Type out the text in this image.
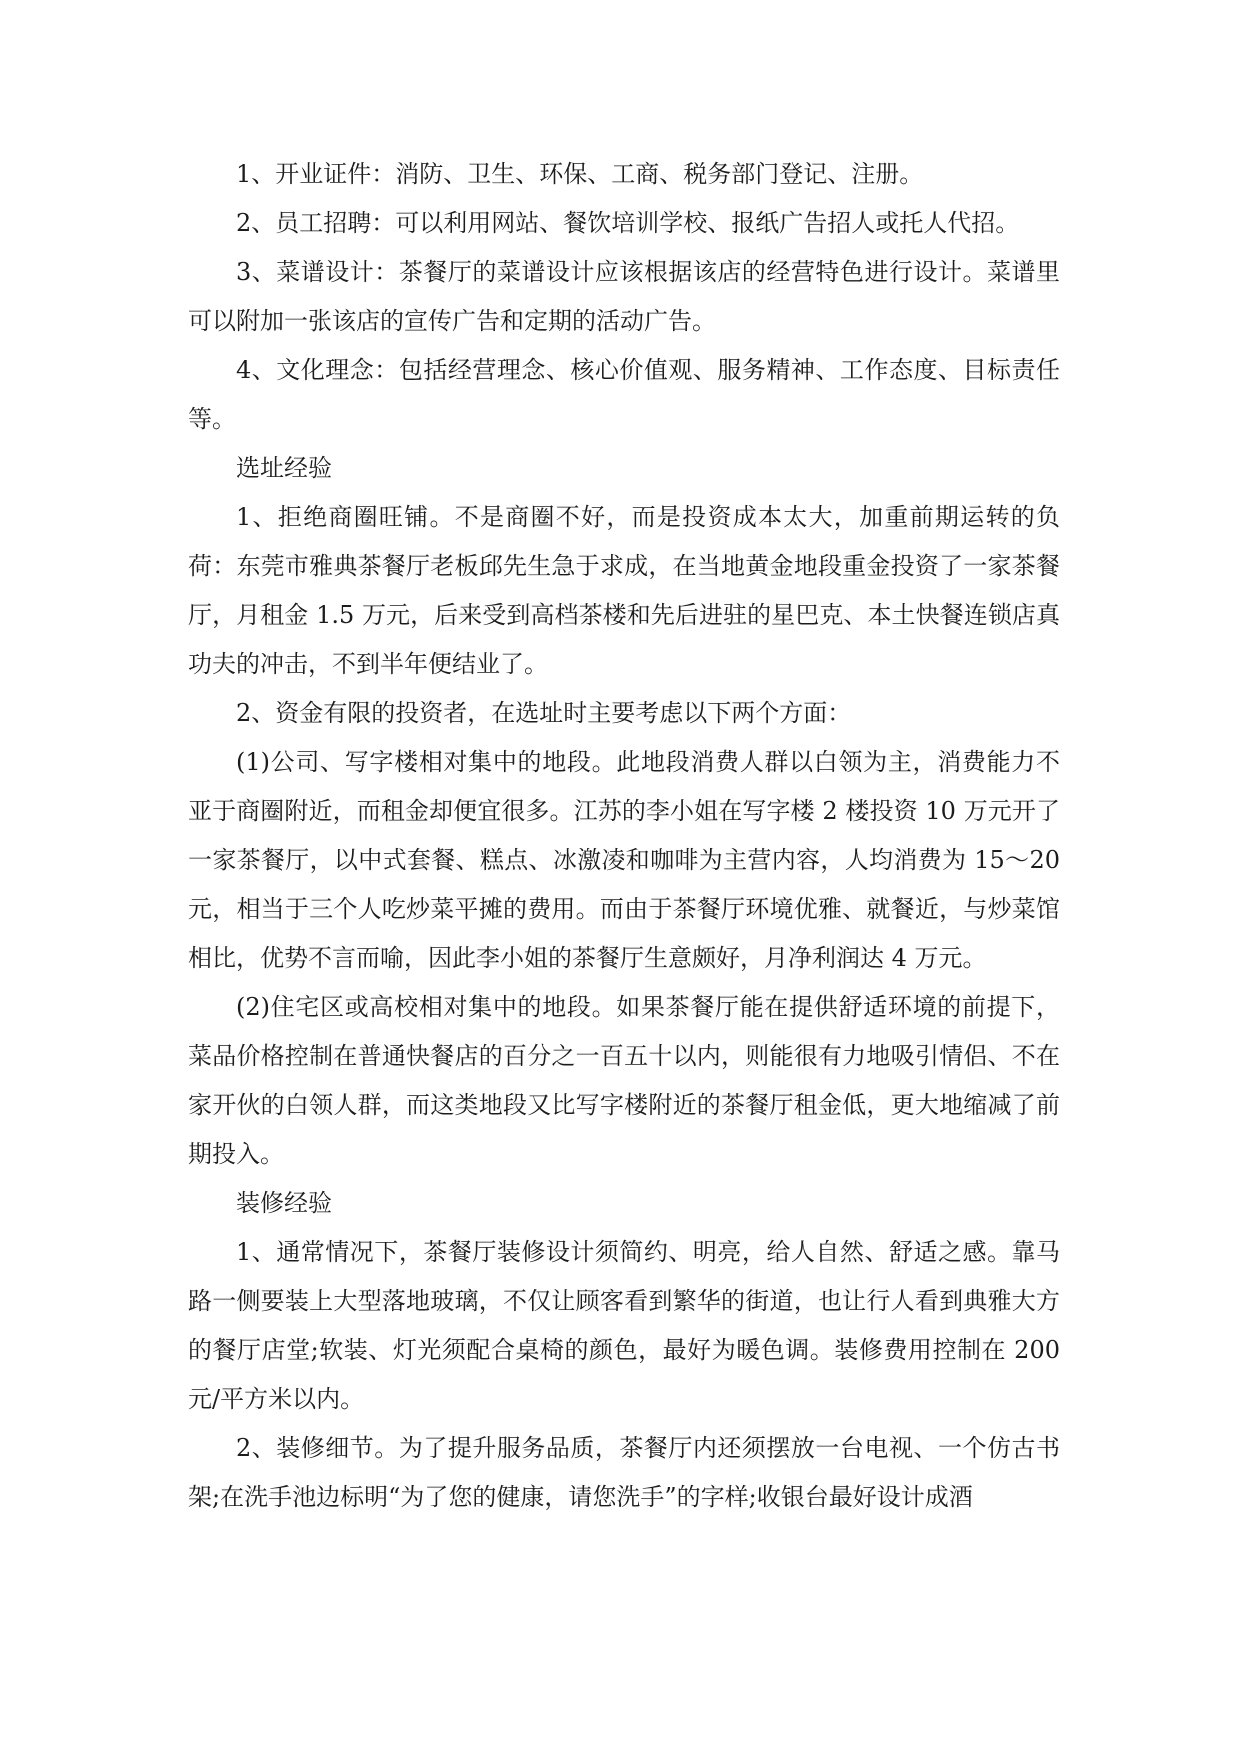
1、开业证件：消防、卫生、环保、工商、税务部门登记、注册。

2、员工招聘：可以利用网站、餐饮培训学校、报纸广告招人或托人代招。

3、菜谱设计：茶餐厅的菜谱设计应该根据该店的经营特色进行设计。菜谱里可以附加一张该店的宣传广告和定期的活动广告。

4、文化理念：包括经营理念、核心价值观、服务精神、工作态度、目标责任等。

选址经验

1、拒绝商圈旺铺。不是商圈不好，而是投资成本太大，加重前期运转的负荷：东莞市雅典茶餐厅老板邱先生急于求成，在当地黄金地段重金投资了一家茶餐厅，月租金 1.5 万元，后来受到高档茶楼和先后进驻的星巴克、本土快餐连锁店真功夫的冲击，不到半年便结业了。

2、资金有限的投资者，在选址时主要考虑以下两个方面：

(1)公司、写字楼相对集中的地段。此地段消费人群以白领为主，消费能力不亚于商圈附近，而租金却便宜很多。江苏的李小姐在写字楼 2 楼投资 10 万元开了一家茶餐厅，以中式套餐、糕点、冰激凌和咖啡为主营内容，人均消费为 15～20 元，相当于三个人吃炒菜平摊的费用。而由于茶餐厅环境优雅、就餐近，与炒菜馆相比，优势不言而喻，因此李小姐的茶餐厅生意颇好，月净利润达 4 万元。

(2)住宅区或高校相对集中的地段。如果茶餐厅能在提供舒适环境的前提下，菜品价格控制在普通快餐店的百分之一百五十以内，则能很有力地吸引情侣、不在家开伙的白领人群，而这类地段又比写字楼附近的茶餐厅租金低，更大地缩减了前期投入。

装修经验

1、通常情况下，茶餐厅装修设计须简约、明亮，给人自然、舒适之感。靠马路一侧要装上大型落地玻璃，不仅让顾客看到繁华的街道，也让行人看到典雅大方的餐厅店堂;软装、灯光须配合桌椅的颜色，最好为暖色调。装修费用控制在 200 元/平方米以内。

2、装修细节。为了提升服务品质，茶餐厅内还须摆放一台电视、一个仿古书架;在洗手池边标明“为了您的健康，请您洗手”的字样;收银台最好设计成酒
